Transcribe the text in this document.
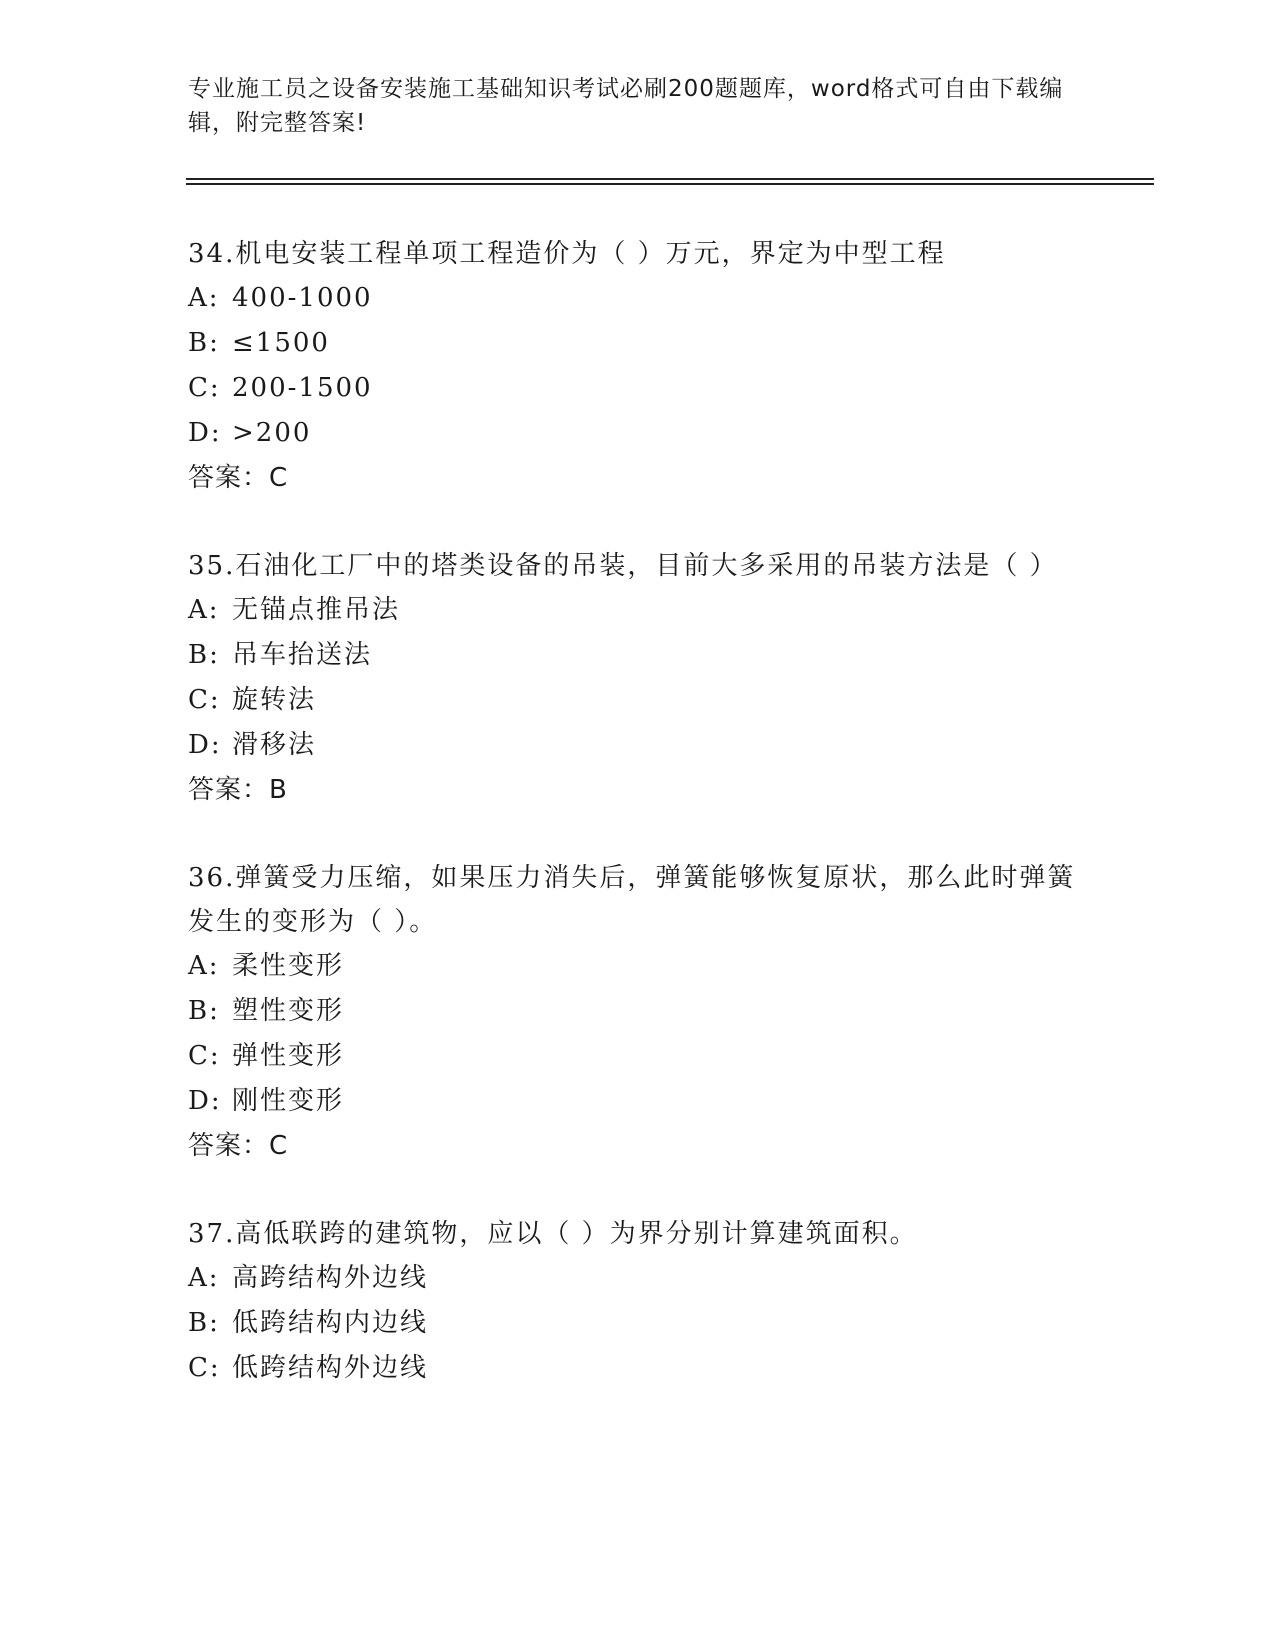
专业施工员之设备安装施工基础知识考试必刷200题题库，word格式可自由下载编辑，附完整答案!
34.机电安装工程单项工程造价为（ ）万元，界定为中型工程
A: 400-1000
B: ≤1500
C: 200-1500
D: >200
答案：C
35.石油化工厂中的塔类设备的吊装，目前大多采用的吊装方法是（ ）
A: 无锚点推吊法
B: 吊车抬送法
C: 旋转法
D: 滑移法
答案：B
36.弹簧受力压缩，如果压力消失后，弹簧能够恢复原状，那么此时弹簧发生的变形为（ ）。
A: 柔性变形
B: 塑性变形
C: 弹性变形
D: 刚性变形
答案：C
37.高低联跨的建筑物，应以（ ）为界分别计算建筑面积。
A: 高跨结构外边线
B: 低跨结构内边线
C: 低跨结构外边线
